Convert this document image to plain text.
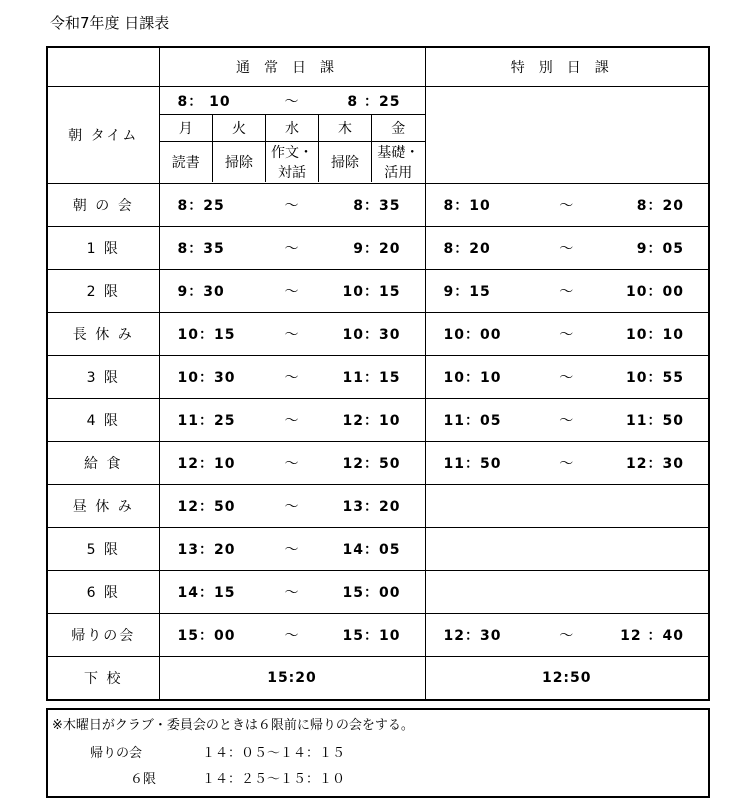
令和7年度 日課表
	通常日課	特別日課
朝 タイム	
8： 10	～	8 ：25

月	火	水	木	金
読書	掃除	作文・対話	掃除	基礎・活用

朝 の 会	8：25	～	8：35	8：10	～	8：20

1 限	8：35	～	9：20	8：20	～	9：05

2 限	9：30	～	10：15	9：15	～	10：00

長 休 み	10：15	～	10：30	10：00	～	10：10

3 限	10：30	～	11：15	10：10	～	10：55

4 限	11：25	～	12：10	11：05	～	11：50

給 食	12：10	～	12：50	11：50	～	12：30

昼 休 み	12：50	～	13：20

5 限	13：20	～	14：05

6 限	14：15	～	15：00

帰りの会	15：00	～	15：10	12：30	～	12 ：40

下 校	15:20	12:50
※木曜日がクラブ・委員会のときは６限前に帰りの会をする。
帰りの会	１４：０５～１４：１５
６限	１４：２５～１５：１０
